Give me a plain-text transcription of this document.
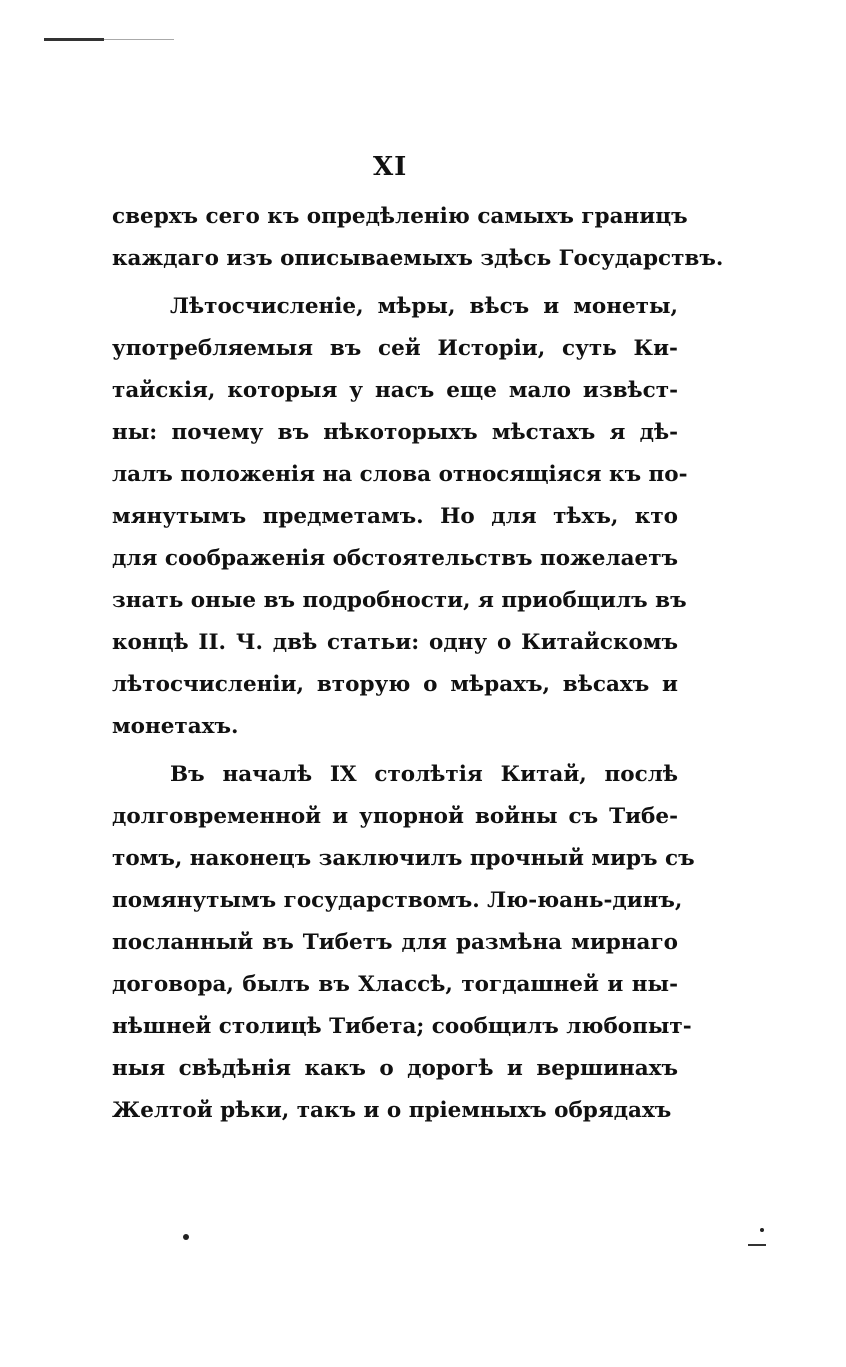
XI
сверхъ сего къ опредѣленію самыхъ границъ
каждаго изъ описываемыхъ здѣсь Государствъ.
Лѣтосчисленіе, мѣры, вѣсъ и монеты,
употребляемыя въ сей Исторіи, суть Ки-
тайскія, которыя у насъ еще мало извѣст-
ны: почему въ нѣкоторыхъ мѣстахъ я дѣ-
лалъ положенія на слова относящіяся къ по-
мянутымъ предметамъ. Но для тѣхъ, кто
для соображенія обстоятельствъ пожелаетъ
знать оные въ подробности, я приобщилъ въ
концѣ II. Ч. двѣ статьи: одну о Китайскомъ
лѣтосчисленіи, вторую о мѣрахъ, вѣсахъ и
монетахъ.
Въ началѣ IX столѣтія Китай, послѣ
долговременной и упорной войны съ Тибе-
томъ, наконецъ заключилъ прочный миръ съ
помянутымъ государствомъ. Лю-юань-динъ,
посланный въ Тибетъ для размѣна мирнаго
договора, былъ въ Хлассѣ, тогдашней и ны-
нѣшней столицѣ Тибета; сообщилъ любопыт-
ныя свѣдѣнія какъ о дорогѣ и вершинахъ
Желтой рѣки, такъ и о пріемныхъ обрядахъ
